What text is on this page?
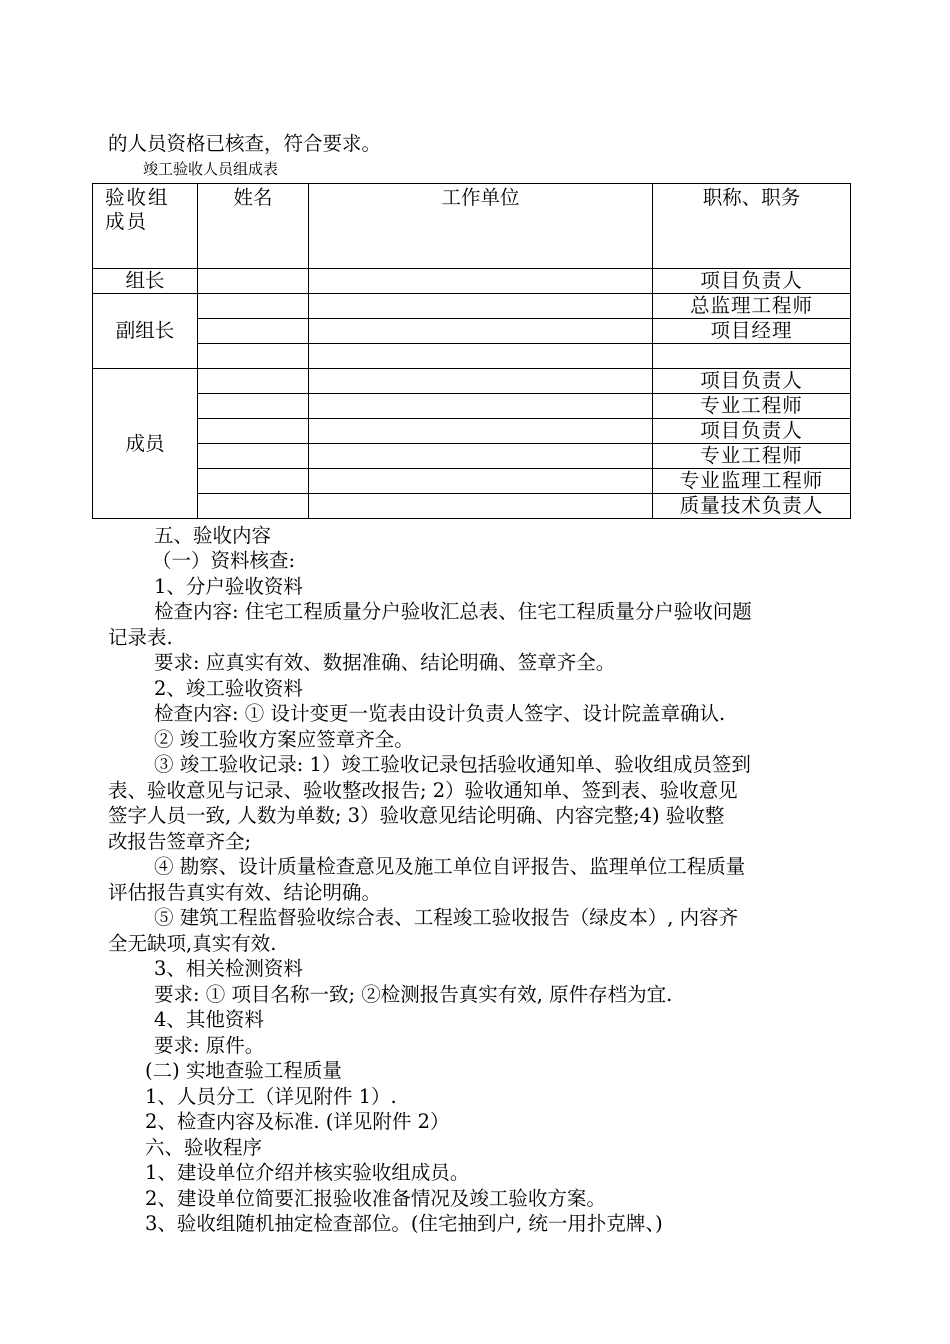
的人员资格已核查，符合要求。
竣工验收人员组成表
验收组成员	姓名	工作单位	职称、职务
组长			项目负责人
副组长			总监理工程师
			项目经理

成员			项目负责人
			专业工程师
			项目负责人
			专业工程师
			专业监理工程师
			质量技术负责人
五、验收内容
（一）资料核查:
1、分户验收资料
检查内容: 住宅工程质量分户验收汇总表、住宅工程质量分户验收问题
记录表.
要求: 应真实有效、数据准确、结论明确、签章齐全。
2、竣工验收资料
检查内容: ① 设计变更一览表由设计负责人签字、设计院盖章确认.
② 竣工验收方案应签章齐全。
③ 竣工验收记录: 1）竣工验收记录包括验收通知单、验收组成员签到
表、验收意见与记录、验收整改报告; 2）验收通知单、签到表、验收意见
签字人员一致, 人数为单数; 3）验收意见结论明确、内容完整;4) 验收整
改报告签章齐全;
④ 勘察、设计质量检查意见及施工单位自评报告、监理单位工程质量
评估报告真实有效、结论明确。
⑤ 建筑工程监督验收综合表、工程竣工验收报告（绿皮本）, 内容齐
全无缺项,真实有效.
3、相关检测资料
要求: ① 项目名称一致; ②检测报告真实有效, 原件存档为宜.
4、其他资料
要求: 原件。
(二) 实地查验工程质量
1、人员分工（详见附件 1）.
2、检查内容及标准. (详见附件 2）
六、验收程序
1、建设单位介绍并核实验收组成员。
2、建设单位简要汇报验收准备情况及竣工验收方案。
3、验收组随机抽定检查部位。(住宅抽到户, 统一用扑克牌、)
